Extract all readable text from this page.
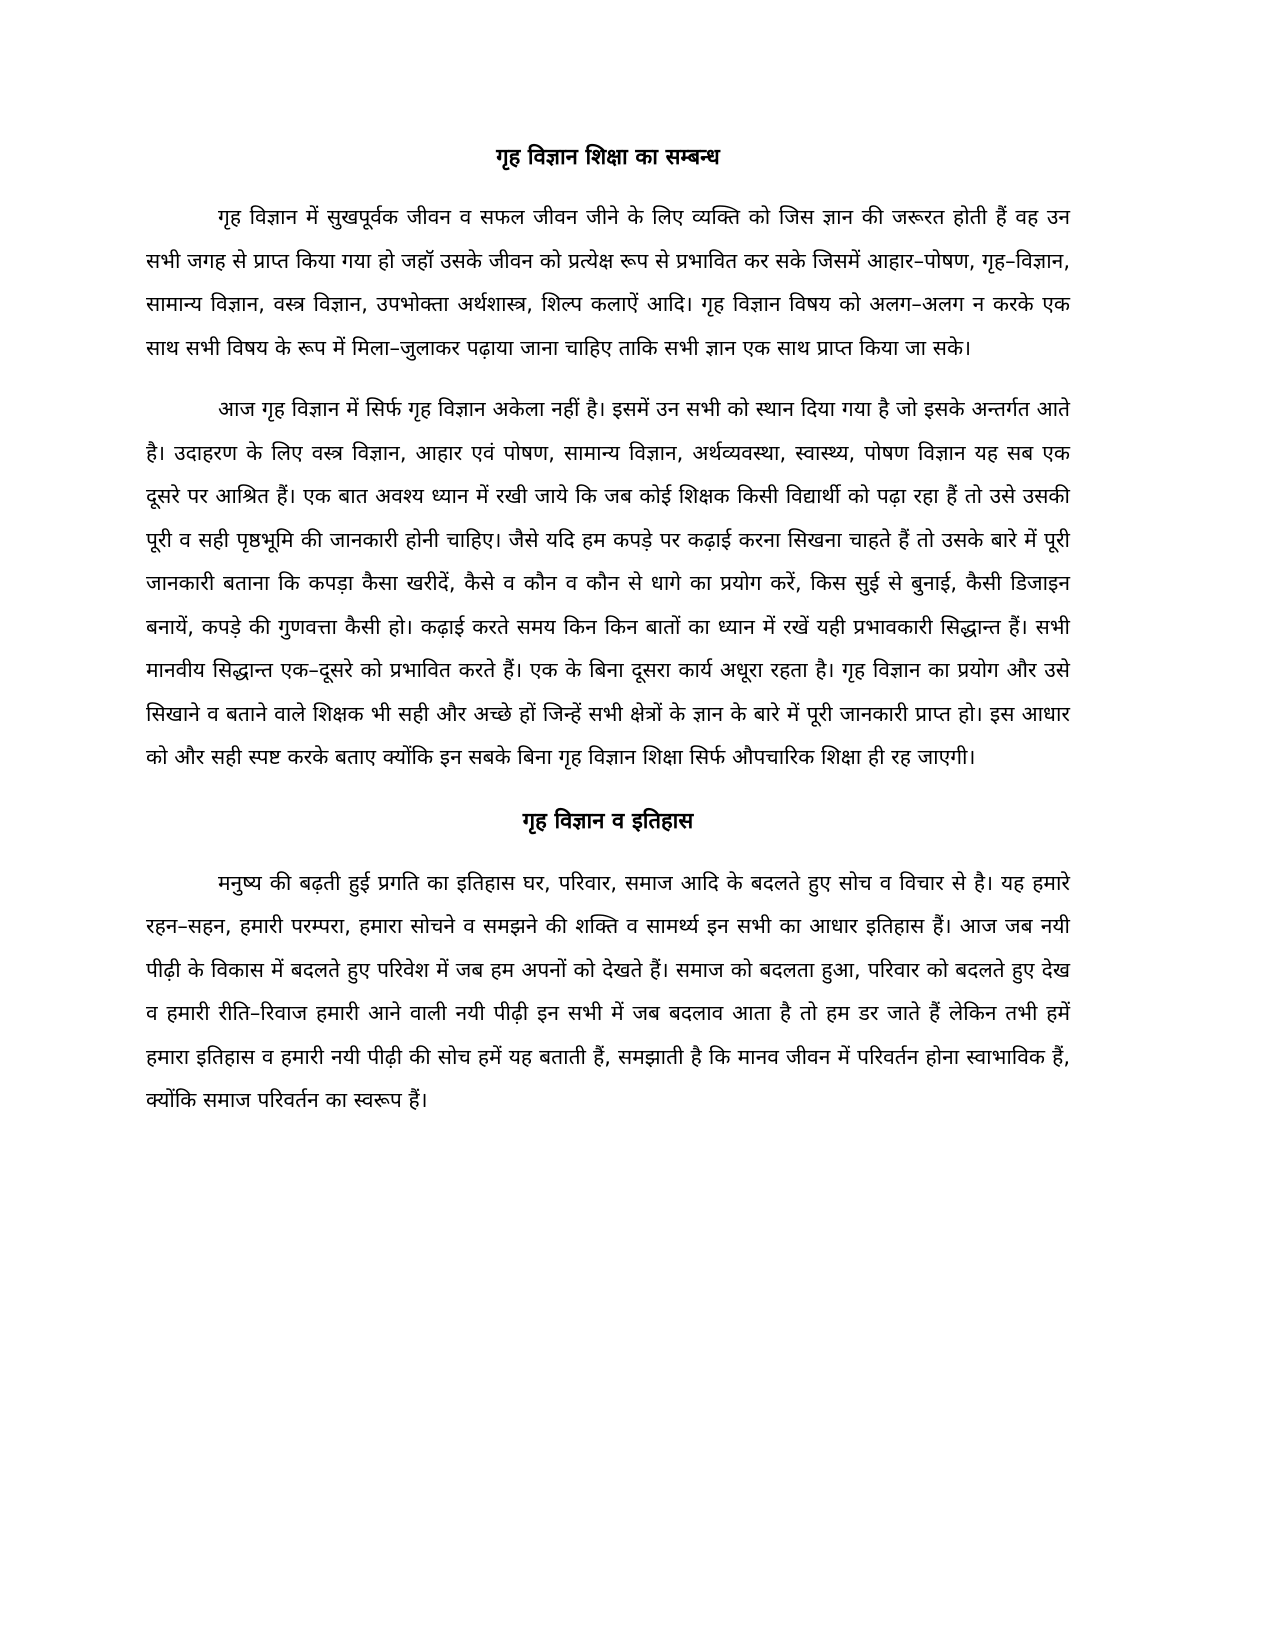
गृह विज्ञान शिक्षा का सम्बन्ध

गृह विज्ञान में सुखपूर्वक जीवन व सफल जीवन जीने के लिए व्यक्ति को जिस ज्ञान की जरूरत होती हैं वह उन सभी जगह से प्राप्त किया गया हो जहॉ उसके जीवन को प्रत्येक्ष रूप से प्रभावित कर सके जिसमें आहार–पोषण, गृह–विज्ञान, सामान्य विज्ञान, वस्त्र विज्ञान, उपभोक्ता अर्थशास्त्र, शिल्प कलाऐं आदि। गृह विज्ञान विषय को अलग–अलग न करके एक साथ सभी विषय के रूप में मिला–जुलाकर पढ़ाया जाना चाहिए ताकि सभी ज्ञान एक साथ प्राप्त किया जा सके।

आज गृह विज्ञान में सिर्फ गृह विज्ञान अकेला नहीं है। इसमें उन सभी को स्थान दिया गया है जो इसके अन्तर्गत आते है। उदाहरण के लिए वस्त्र विज्ञान, आहार एवं पोषण, सामान्य विज्ञान, अर्थव्यवस्था, स्वास्थ्य, पोषण विज्ञान यह सब एक दूसरे पर आश्रित हैं। एक बात अवश्य ध्यान में रखी जाये कि जब कोई शिक्षक किसी विद्यार्थी को पढ़ा रहा हैं तो उसे उसकी पूरी व सही पृष्ठभूमि की जानकारी होनी चाहिए। जैसे यदि हम कपड़े पर कढ़ाई करना सिखना चाहते हैं तो उसके बारे में पूरी जानकारी बताना कि कपड़ा कैसा खरीदें, कैसे व कौन व कौन से धागे का प्रयोग करें, किस सुई से बुनाई, कैसी डिजाइन बनायें, कपड़े की गुणवत्ता कैसी हो। कढ़ाई करते समय किन किन बातों का ध्यान में रखें यही प्रभावकारी सिद्धान्त हैं। सभी मानवीय सिद्धान्त एक–दूसरे को प्रभावित करते हैं। एक के बिना दूसरा कार्य अधूरा रहता है। गृह विज्ञान का प्रयोग और उसे सिखाने व बताने वाले शिक्षक भी सही और अच्छे हों जिन्हें सभी क्षेत्रों के ज्ञान के बारे में पूरी जानकारी प्राप्त हो। इस आधार को और सही स्पष्ट करके बताए क्योंकि इन सबके बिना गृह विज्ञान शिक्षा सिर्फ औपचारिक शिक्षा ही रह जाएगी।

गृह विज्ञान व इतिहास

मनुष्य की बढ़ती हुई प्रगति का इतिहास घर, परिवार, समाज आदि के बदलते हुए सोच व विचार से है। यह हमारे रहन–सहन, हमारी परम्परा, हमारा सोचने व समझने की शक्ति व सामर्थ्य इन सभी का आधार इतिहास हैं। आज जब नयी पीढ़ी के विकास में बदलते हुए परिवेश में जब हम अपनों को देखते हैं। समाज को बदलता हुआ, परिवार को बदलते हुए देख व हमारी रीति–रिवाज हमारी आने वाली नयी पीढ़ी इन सभी में जब बदलाव आता है तो हम डर जाते हैं लेकिन तभी हमें हमारा इतिहास व हमारी नयी पीढ़ी की सोच हमें यह बताती हैं, समझाती है कि मानव जीवन में परिवर्तन होना स्वाभाविक हैं, क्योंकि समाज परिवर्तन का स्वरूप हैं।
